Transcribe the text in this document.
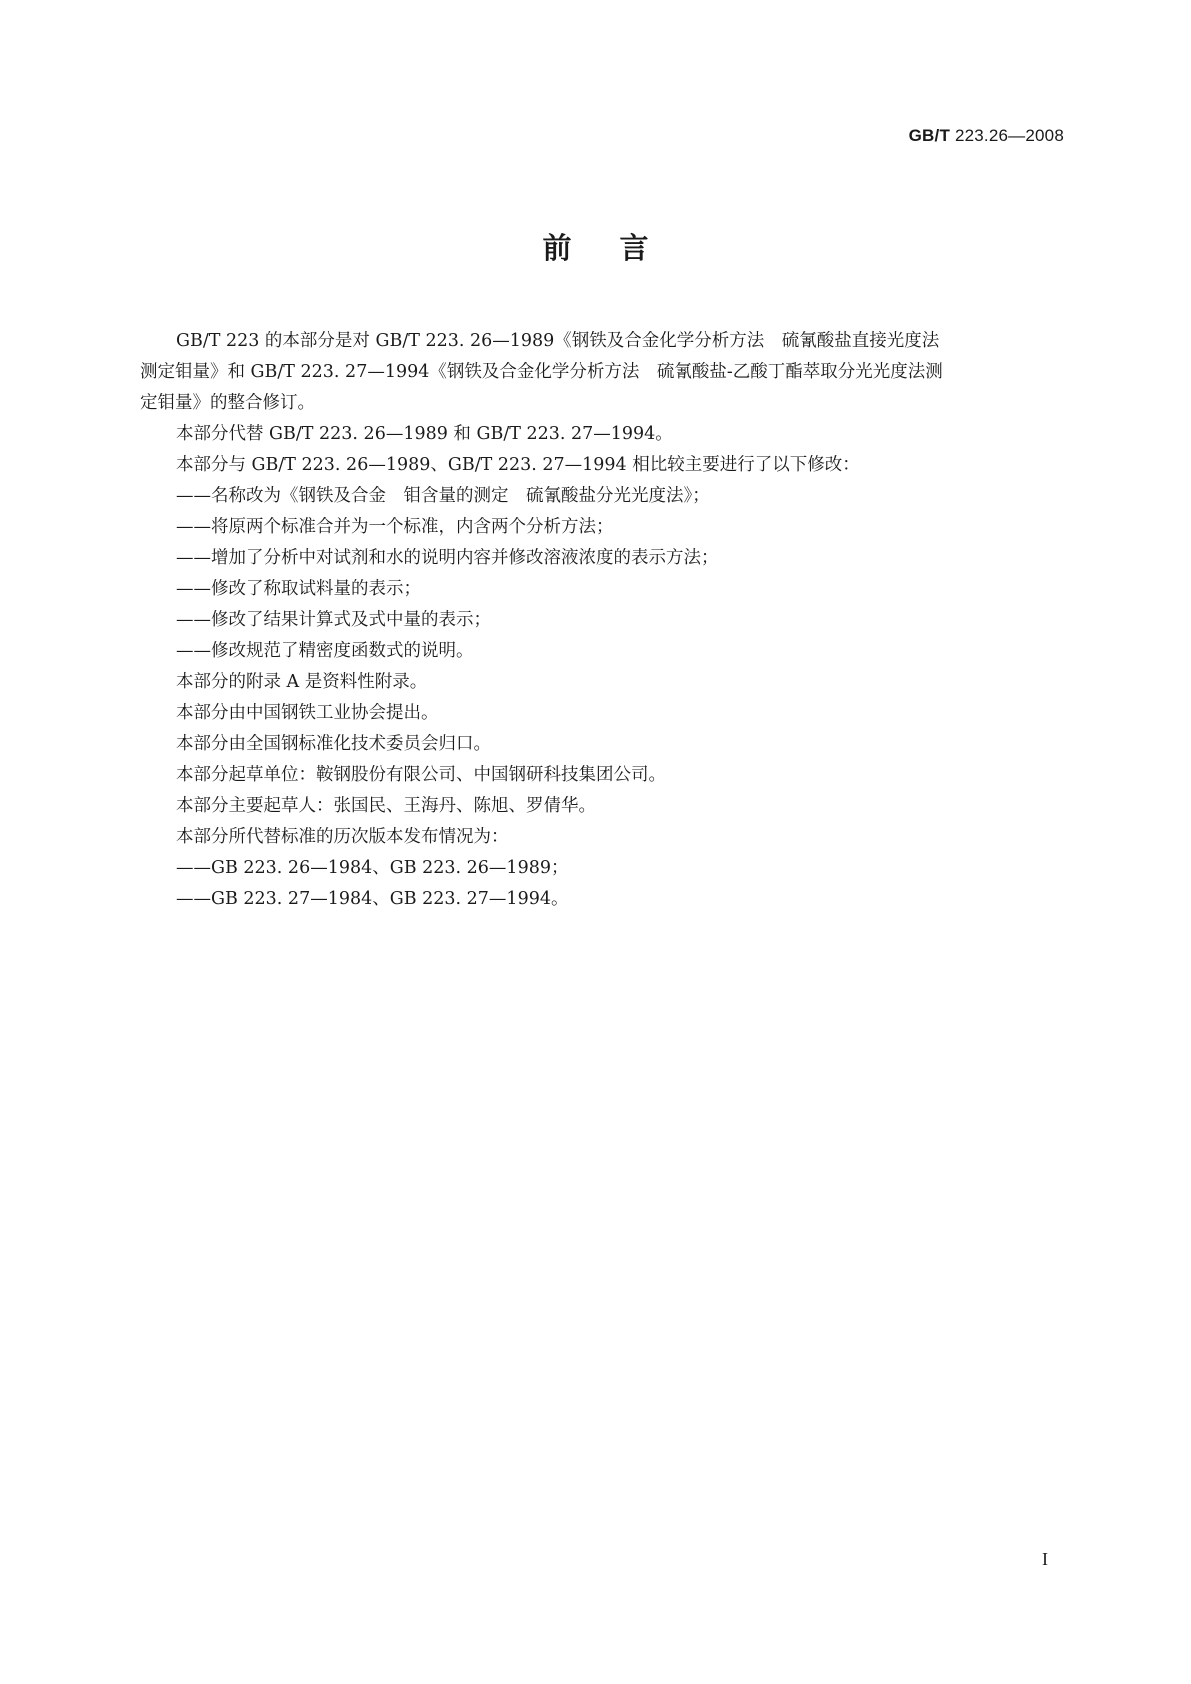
GB/T 223.26—2008
前言

GB/T 223 的本部分是对 GB/T 223. 26—1989《钢铁及合金化学分析方法　硫氰酸盐直接光度法

测定钼量》和 GB/T 223. 27—1994《钢铁及合金化学分析方法　硫氰酸盐-乙酸丁酯萃取分光光度法测

定钼量》的整合修订。

本部分代替 GB/T 223. 26—1989 和 GB/T 223. 27—1994。

本部分与 GB/T 223. 26—1989、GB/T 223. 27—1994 相比较主要进行了以下修改：

——名称改为《钢铁及合金　钼含量的测定　硫氰酸盐分光光度法》；

——将原两个标准合并为一个标准，内含两个分析方法；

——增加了分析中对试剂和水的说明内容并修改溶液浓度的表示方法；

——修改了称取试料量的表示；

——修改了结果计算式及式中量的表示；

——修改规范了精密度函数式的说明。

本部分的附录 A 是资料性附录。

本部分由中国钢铁工业协会提出。

本部分由全国钢标准化技术委员会归口。

本部分起草单位：鞍钢股份有限公司、中国钢研科技集团公司。

本部分主要起草人：张国民、王海丹、陈旭、罗倩华。

本部分所代替标准的历次版本发布情况为：

——GB 223. 26—1984、GB 223. 26—1989；

——GB 223. 27—1984、GB 223. 27—1994。

I
